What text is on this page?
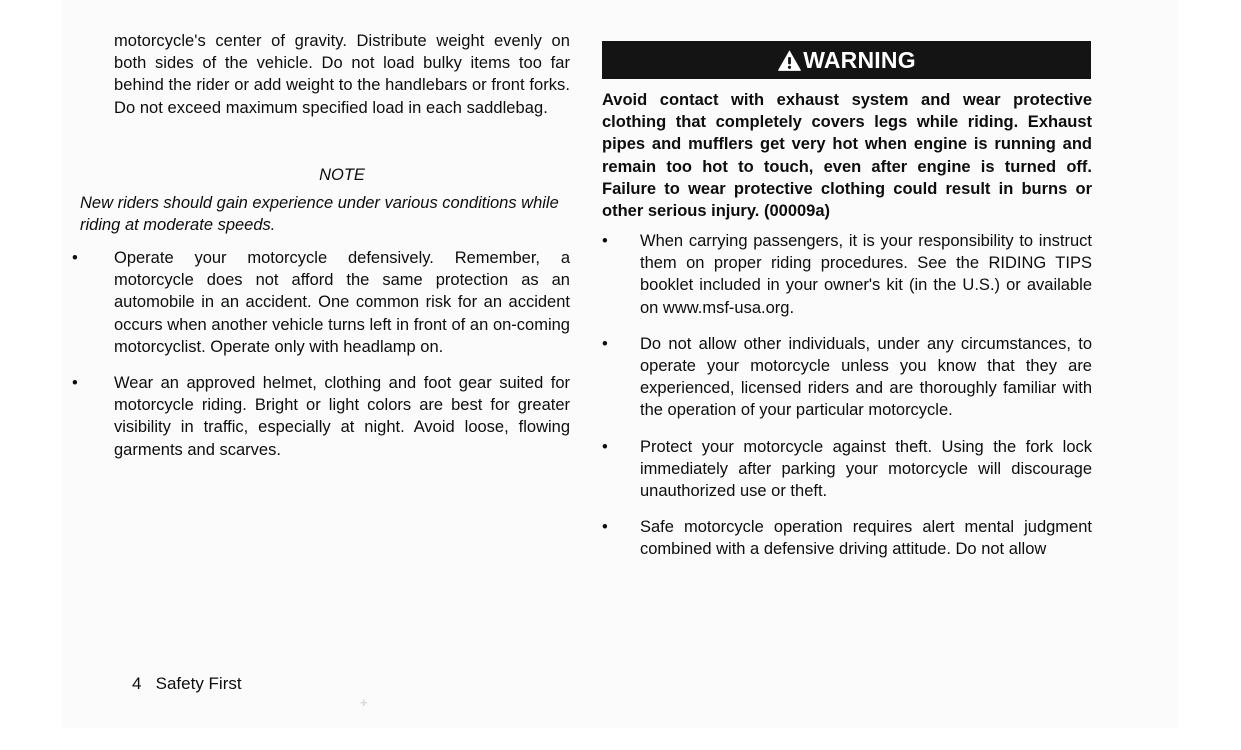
✛
motorcycle's center of gravity. Distribute weight evenly on both sides of the vehicle. Do not load bulky items too far behind the rider or add weight to the handlebars or front forks. Do not exceed maximum specified load in each saddlebag.
NOTE
New riders should gain experience under various conditions while riding at moderate speeds.
• Operate your motorcycle defensively. Remember, a motorcycle does not afford the same protection as an automobile in an accident. One common risk for an accident occurs when another vehicle turns left in front of an on-coming motorcyclist. Operate only with headlamp on.
• Wear an approved helmet, clothing and foot gear suited for motorcycle riding. Bright or light colors are best for greater visibility in traffic, especially at night. Avoid loose, flowing garments and scarves.
WARNING
Avoid contact with exhaust system and wear protective clothing that completely covers legs while riding. Exhaust pipes and mufflers get very hot when engine is running and remain too hot to touch, even after engine is turned off. Failure to wear protective clothing could result in burns or other serious injury. (00009a)
• When carrying passengers, it is your responsibility to instruct them on proper riding procedures. See the RIDING TIPS booklet included in your owner's kit (in the U.S.) or available on www.msf-usa.org.
• Do not allow other individuals, under any circumstances, to operate your motorcycle unless you know that they are experienced, licensed riders and are thoroughly familiar with the operation of your particular motorcycle.
• Protect your motorcycle against theft. Using the fork lock immediately after parking your motorcycle will discourage unauthorized use or theft.
• Safe motorcycle operation requires alert mental judgment combined with a defensive driving attitude. Do not allow
4   Safety First
